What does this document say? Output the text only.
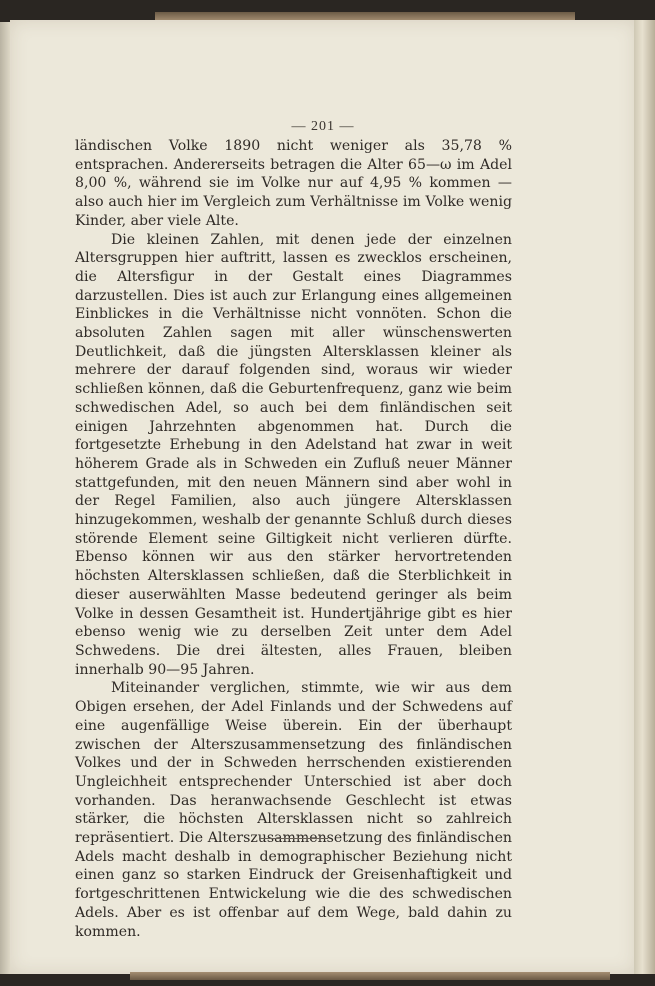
— 201 —

ländischen Volke 1890 nicht weniger als 35,78 % entsprachen. Andererseits betragen die Alter 65—ω im Adel 8,00 %, während sie im Volke nur auf 4,95 % kommen — also auch hier im Vergleich zum Verhältnisse im Volke wenig Kinder, aber viele Alte.

Die kleinen Zahlen, mit denen jede der einzelnen Altersgruppen hier auftritt, lassen es zwecklos erscheinen, die Altersfigur in der Gestalt eines Diagrammes darzustellen. Dies ist auch zur Erlangung eines allgemeinen Einblickes in die Verhältnisse nicht vonnöten. Schon die absoluten Zahlen sagen mit aller wünschenswerten Deutlichkeit, daß die jüngsten Altersklassen kleiner als mehrere der darauf folgenden sind, woraus wir wieder schließen können, daß die Geburtenfrequenz, ganz wie beim schwedischen Adel, so auch bei dem finländischen seit einigen Jahrzehnten abgenommen hat. Durch die fortgesetzte Erhebung in den Adelstand hat zwar in weit höherem Grade als in Schweden ein Zufluß neuer Männer stattgefunden, mit den neuen Männern sind aber wohl in der Regel Familien, also auch jüngere Altersklassen hinzugekommen, weshalb der genannte Schluß durch dieses störende Element seine Giltigkeit nicht verlieren dürfte. Ebenso können wir aus den stärker hervortretenden höchsten Altersklassen schließen, daß die Sterblichkeit in dieser auserwählten Masse bedeutend geringer als beim Volke in dessen Gesamtheit ist. Hundertjährige gibt es hier ebenso wenig wie zu derselben Zeit unter dem Adel Schwedens. Die drei ältesten, alles Frauen, bleiben innerhalb 90—95 Jahren.

Miteinander verglichen, stimmte, wie wir aus dem Obigen ersehen, der Adel Finlands und der Schwedens auf eine augenfällige Weise überein. Ein der überhaupt zwischen der Alterszusammensetzung des finländischen Volkes und der in Schweden herrschenden existierenden Ungleichheit entsprechender Unterschied ist aber doch vorhanden. Das heranwachsende Geschlecht ist etwas stärker, die höchsten Altersklassen nicht so zahlreich repräsentiert. Die Alterszusammensetzung des finländischen Adels macht deshalb in demographischer Beziehung nicht einen ganz so starken Eindruck der Greisenhaftigkeit und fortgeschrittenen Entwickelung wie die des schwedischen Adels. Aber es ist offenbar auf dem Wege, bald dahin zu kommen.
